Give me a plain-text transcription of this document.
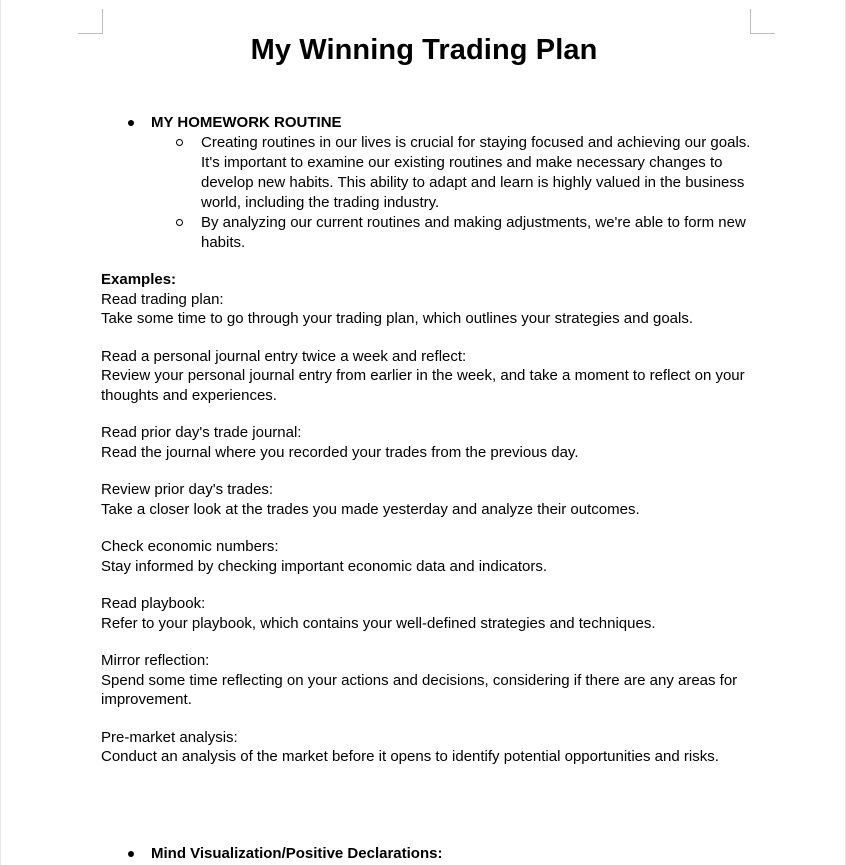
My Winning Trading Plan
MY HOMEWORK ROUTINE
Creating routines in our lives is crucial for staying focused and achieving our goals. It's important to examine our existing routines and make necessary changes to develop new habits. This ability to adapt and learn is highly valued in the business world, including the trading industry.
By analyzing our current routines and making adjustments, we're able to form new habits.

Examples:

Read trading plan:
Take some time to go through your trading plan, which outlines your strategies and goals.
Read a personal journal entry twice a week and reflect:
Review your personal journal entry from earlier in the week, and take a moment to reflect on your thoughts and experiences.
Read prior day's trade journal:
Read the journal where you recorded your trades from the previous day.
Review prior day's trades:
Take a closer look at the trades you made yesterday and analyze their outcomes.
Check economic numbers:
Stay informed by checking important economic data and indicators.
Read playbook:
Refer to your playbook, which contains your well-defined strategies and techniques.
Mirror reflection:
Spend some time reflecting on your actions and decisions, considering if there are any areas for improvement.
Pre-market analysis:
Conduct an analysis of the market before it opens to identify potential opportunities and risks.
Mind Visualization/Positive Declarations:
